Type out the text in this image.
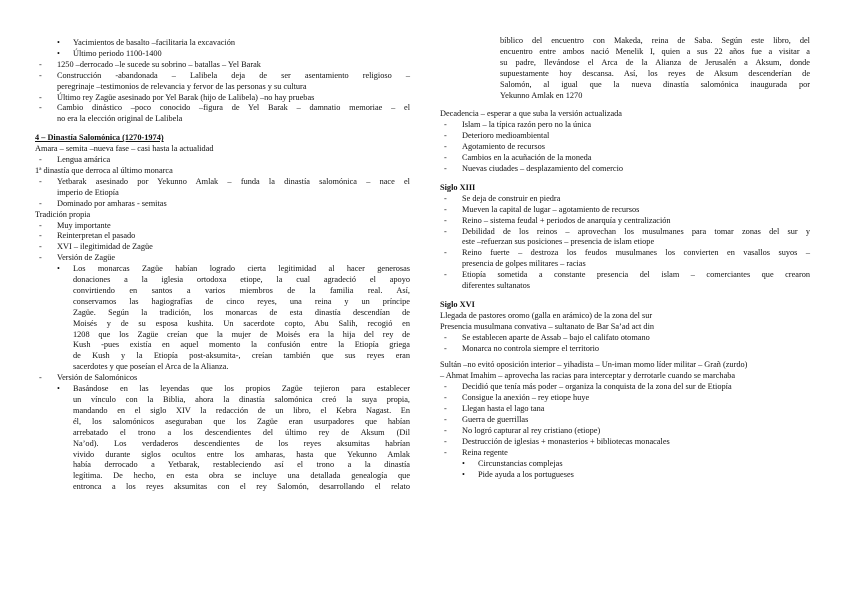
• Yacimientos de basalto –facilitaria la excavación
• Último periodo 1100-1400
- 1250 –derrocado –le sucede su sobrino – batallas – Yel Barak
- Construcción -abandonada – Lalibela deja de ser asentamiento religioso –
peregrinaje –testimonios de relevancia y fervor de las personas y su cultura
- Último rey Zagüe asesinado por Yel Barak (hijo de Lalibela) –no hay pruebas
- Cambio dinástico –poco conocido –figura de Yel Barak – damnatio memoriae – el
no era la elección original de Lalibela
4 – Dinastía Salomónica (1270-1974)
Amara – semita –nueva fase – casi hasta la actualidad
- Lengua amárica
1ª dinastía que derroca al último monarca
- Yetbarak asesinado por Yekunno Amlak – funda la dinastía salomónica – nace el
imperio de Etiopía
- Dominado por amharas - semitas
Tradición propia
- Muy importante
- Reinterpretan el pasado
- XVI – ilegitimidad de Zagüe
- Versión de Zagüe
• Los monarcas Zagüe habían logrado cierta legitimidad al hacer generosas
donaciones a la iglesia ortodoxa etiope, la cual agradeció el apoyo
convirtiendo en santos a varios miembros de la familia real. Así,
conservamos las hagiografías de cinco reyes, una reina y un príncipe
Zagüe. Según la tradición, los monarcas de esta dinastía descendían de
Moisés y de su esposa kushita. Un sacerdote copto, Abu Salih, recogió en
1208 que los Zagüe creían que la mujer de Moisés era la hija del rey de
Kush -pues existía en aquel momento la confusión entre la Etiopía griega
de Kush y la Etiopía post-aksumita-, creían también que sus reyes eran
sacerdotes y que poseían el Arca de la Alianza.
- Versión de Salomónicos
• Basándose en las leyendas que los propios Zagüe tejieron para establecer
un vínculo con la Biblia, ahora la dinastía salomónica creó la suya propia,
mandando en el siglo XIV la redacción de un libro, el Kebra Nagast. En
él, los salomónicos aseguraban que los Zagüe eran usurpadores que habían
arrebatado el trono a los descendientes del último rey de Aksum (Dil
Na’od). Los verdaderos descendientes de los reyes aksumitas habrían
vivido durante siglos ocultos entre los amharas, hasta que Yekunno Amlak
había derrocado a Yetbarak, restableciendo así el trono a la dinastía
legítima. De hecho, en esta obra se incluye una detallada genealogía que
entronca a los reyes aksumitas con el rey Salomón, desarrollando el relato
bíblico del encuentro con Makeda, reina de Saba. Según este libro, del
encuentro entre ambos nació Menelik I, quien a sus 22 años fue a visitar a
su padre, llevándose el Arca de la Alianza de Jerusalén a Aksum, donde
supuestamente hoy descansa. Así, los reyes de Aksum descenderían de
Salomón, al igual que la nueva dinastía salomónica inaugurada por
Yekunno Amlak en 1270
Decadencia – esperar a que suba la versión actualizada
- Islam – la típica razón pero no la única
- Deterioro medioambiental
- Agotamiento de recursos
- Cambios en la acuñación de la moneda
- Nuevas ciudades – desplazamiento del comercio
Siglo XIII
- Se deja de construir en piedra
- Mueven la capital de lugar – agotamiento de recursos
- Reino – sistema feudal + periodos de anarquía y centralización
- Debilidad de los reinos – aprovechan los musulmanes para tomar zonas del sur y
este –refuerzan sus posiciones – presencia de islam etiope
- Reino fuerte – destroza los feudos musulmanes los convierten en vasallos suyos –
presencia de golpes militares – racias
- Etiopía sometida a constante presencia del islam – comerciantes que crearon
diferentes sultanatos
Siglo XVI
Llegada de pastores oromo (galla en arámico) de la zona del sur
Presencia musulmana convativa – sultanato de Bar Sa’ad act din
- Se establecen aparte de Assab – bajo el califato otomano
- Monarca no controla siempre el territorio
Sultán –no evitó oposición interior – yihadista – Un-iman momo líder militar – Grañ (zurdo)
– Ahmat Imahim – aprovecha las racias para interceptar y derrotarle cuando se marchaba
- Decidió que tenía más poder – organiza la conquista de la zona del sur de Etiopía
- Consigue la anexión – rey etiope huye
- Llegan hasta el lago tana
- Guerra de guerrillas
- No logró capturar al rey cristiano (etiope)
- Destrucción de iglesias + monasterios + bibliotecas monacales
- Reina regente
• Circunstancias complejas
• Pide ayuda a los portugueses
